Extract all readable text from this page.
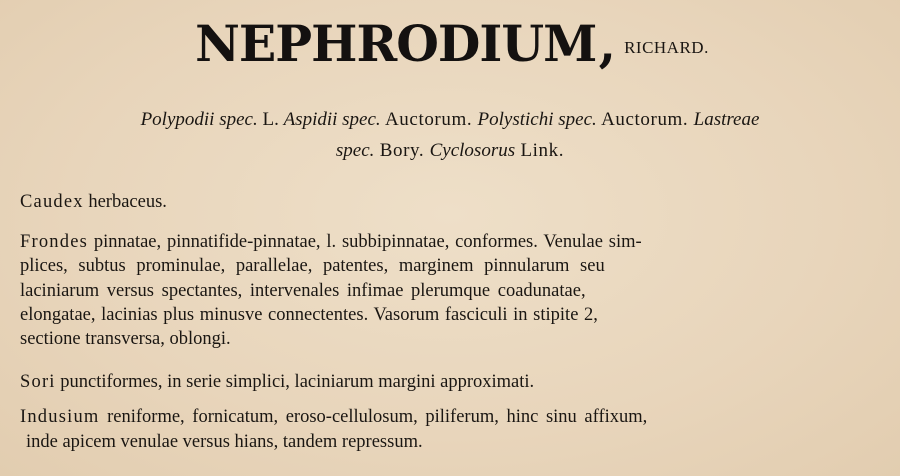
NEPHRODIUM, RICHARD.
Polypodii spec. L. Aspidii spec. Auctorum. Polystichi spec. Auctorum. Lastreae
spec. Bory. Cyclosorus Link.
Caudex herbaceus.
Frondes pinnatae, pinnatifide-pinnatae, l. subbipinnatae, conformes. Venulae sim-
plices, subtus prominulae, parallelae, patentes, marginem pinnularum seu
laciniarum versus spectantes, intervenales infimae plerumque coadunatae,
elongatae, lacinias plus minusve connectentes. Vasorum fasciculi in stipite 2,
sectione transversa, oblongi.
Sori punctiformes, in serie simplici, laciniarum margini approximati.
Indusium reniforme, fornicatum, eroso-cellulosum, piliferum, hinc sinu affixum,
inde apicem venulae versus hians, tandem repressum.
